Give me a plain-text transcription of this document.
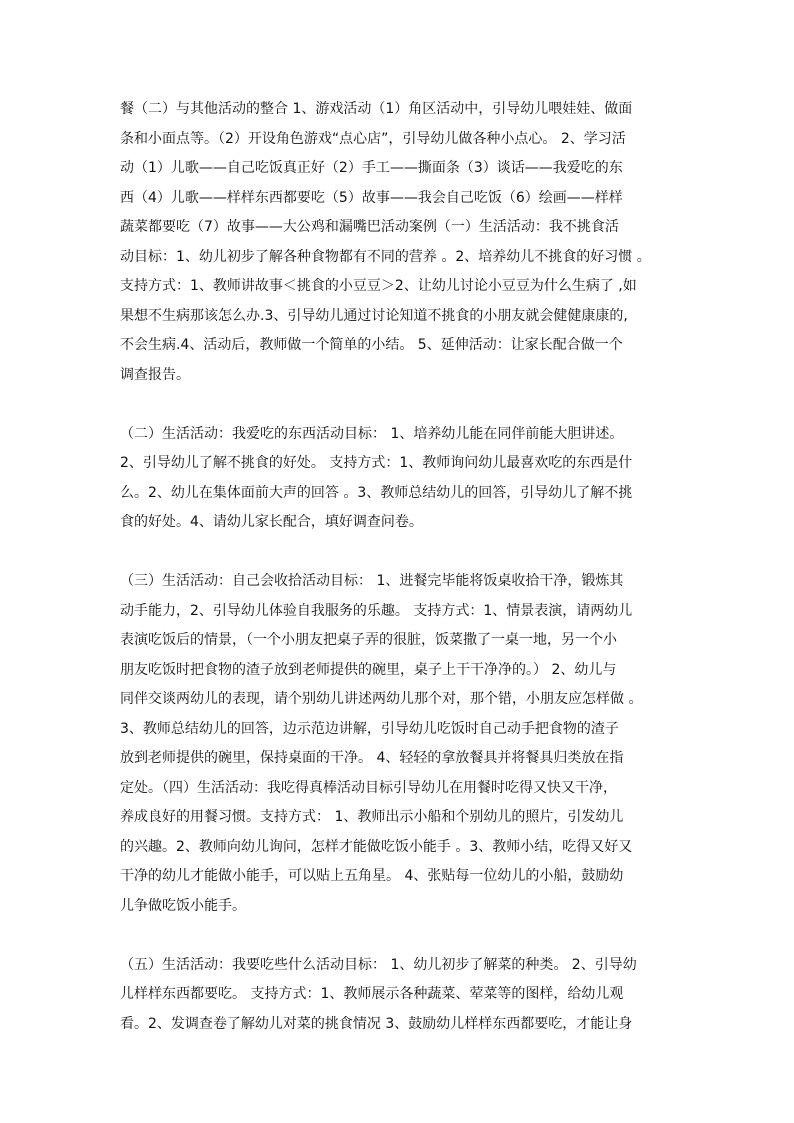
餐（二）与其他活动的整合 1、游戏活动（1）角区活动中，引导幼儿喂娃娃、做面
条和小面点等。（2）开设角色游戏“点心店”，引导幼儿做各种小点心。 2、学习活
动（1）儿歌——自己吃饭真正好（2）手工——撕面条（3）谈话——我爱吃的东
西（4）儿歌——样样东西都要吃（5）故事——我会自己吃饭（6）绘画——样样
蔬菜都要吃（7）故事——大公鸡和漏嘴巴活动案例（一）生活活动：我不挑食活
动目标：1、幼儿初步了解各种食物都有不同的营养 。2、培养幼儿不挑食的好习惯 。
支持方式：1、教师讲故事＜挑食的小豆豆＞2、让幼儿讨论小豆豆为什么生病了 ,如
果想不生病那该怎么办.3、引导幼儿通过讨论知道不挑食的小朋友就会健健康康的,
不会生病.4、活动后，教师做一个简单的小结。 5、延伸活动：让家长配合做一个
调查报告。
（二）生活活动：我爱吃的东西活动目标： 1、培养幼儿能在同伴前能大胆讲述。
2、引导幼儿了解不挑食的好处。 支持方式：1、教师询问幼儿最喜欢吃的东西是什
么。2、幼儿在集体面前大声的回答 。3、教师总结幼儿的回答，引导幼儿了解不挑
食的好处。4、请幼儿家长配合，填好调查问卷。
（三）生活活动：自己会收拾活动目标： 1、进餐完毕能将饭桌收拾干净，锻炼其
动手能力，2、引导幼儿体验自我服务的乐趣。 支持方式：1、情景表演，请两幼儿
表演吃饭后的情景，（一个小朋友把桌子弄的很脏，饭菜撒了一桌一地，另一个小
朋友吃饭时把食物的渣子放到老师提供的碗里，桌子上干干净净的。） 2、幼儿与
同伴交谈两幼儿的表现，请个别幼儿讲述两幼儿那个对，那个错，小朋友应怎样做 。
3、教师总结幼儿的回答，边示范边讲解，引导幼儿吃饭时自己动手把食物的渣子
放到老师提供的碗里，保持桌面的干净。 4、轻轻的拿放餐具并将餐具归类放在指
定处。（四）生活活动：我吃得真棒活动目标引导幼儿在用餐时吃得又快又干净，
养成良好的用餐习惯。支持方式： 1、教师出示小船和个别幼儿的照片，引发幼儿
的兴趣。2、教师向幼儿询问，怎样才能做吃饭小能手 。3、教师小结，吃得又好又
干净的幼儿才能做小能手，可以贴上五角星。 4、张贴每一位幼儿的小船，鼓励幼
儿争做吃饭小能手。
（五）生活活动：我要吃些什么活动目标： 1、幼儿初步了解菜的种类。 2、引导幼
儿样样东西都要吃。 支持方式：1、教师展示各种蔬菜、荤菜等的图样，给幼儿观
看。2、发调查卷了解幼儿对菜的挑食情况 3、鼓励幼儿样样东西都要吃，才能让身
